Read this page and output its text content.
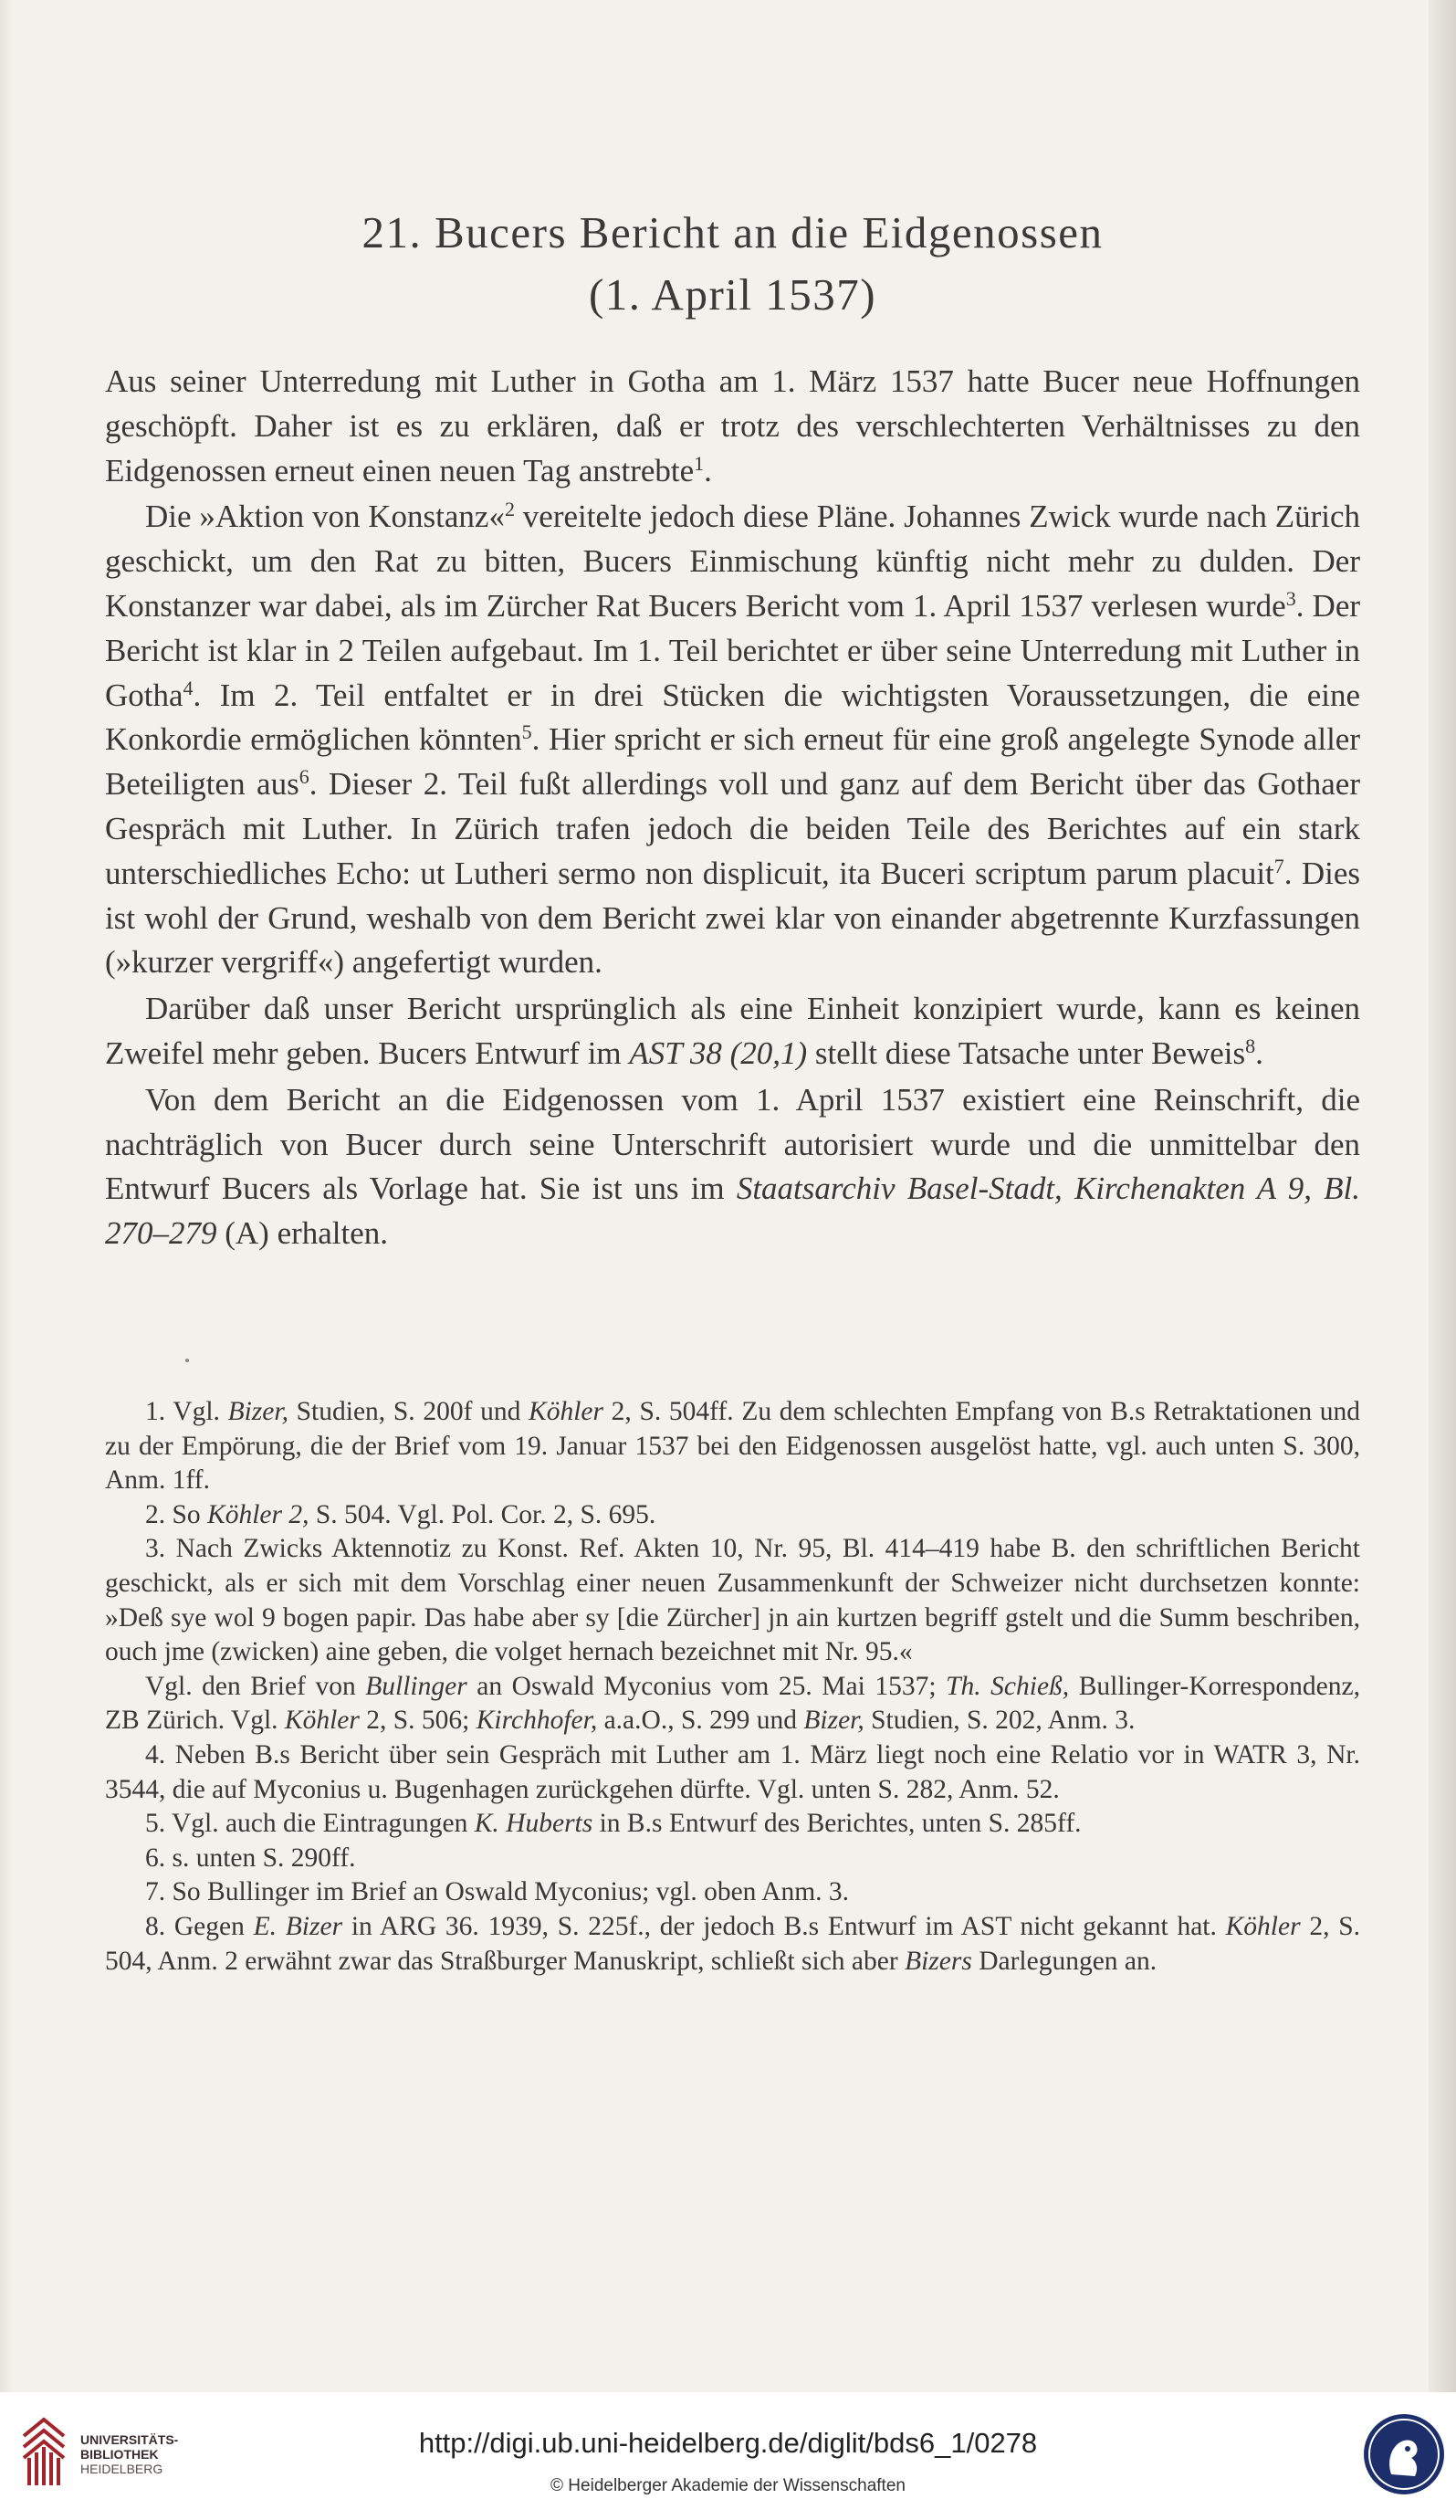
21. Bucers Bericht an die Eidgenossen
(1. April 1537)

Aus seiner Unterredung mit Luther in Gotha am 1. März 1537 hatte Bucer neue Hoffnungen geschöpft. Daher ist es zu erklären, daß er trotz des verschlechterten Verhältnisses zu den Eidgenossen erneut einen neuen Tag anstrebte$^1$.

Die »Aktion von Konstanz«$^2$ vereitelte jedoch diese Pläne. Johannes Zwick wurde nach Zürich geschickt, um den Rat zu bitten, Bucers Einmischung künftig nicht mehr zu dulden. Der Konstanzer war dabei, als im Zürcher Rat Bucers Bericht vom 1. April 1537 verlesen wurde$^3$. Der Bericht ist klar in 2 Teilen aufgebaut. Im 1. Teil berichtet er über seine Unterredung mit Luther in Gotha$^4$. Im 2. Teil entfaltet er in drei Stücken die wichtigsten Voraussetzungen, die eine Konkordie ermöglichen könnten$^5$. Hier spricht er sich erneut für eine groß angelegte Synode aller Beteiligten aus$^6$. Dieser 2. Teil fußt allerdings voll und ganz auf dem Bericht über das Gothaer Gespräch mit Luther. In Zürich trafen jedoch die beiden Teile des Berichtes auf ein stark unterschiedliches Echo: ut Lutheri sermo non displicuit, ita Buceri scriptum parum placuit$^7$. Dies ist wohl der Grund, weshalb von dem Bericht zwei klar von einander abgetrennte Kurzfassungen (»kurzer vergriff«) angefertigt wurden.

Darüber daß unser Bericht ursprünglich als eine Einheit konzipiert wurde, kann es keinen Zweifel mehr geben. Bucers Entwurf im AST 38 (20,1) stellt diese Tatsache unter Beweis$^8$.

Von dem Bericht an die Eidgenossen vom 1. April 1537 existiert eine Reinschrift, die nachträglich von Bucer durch seine Unterschrift autorisiert wurde und die unmittelbar den Entwurf Bucers als Vorlage hat. Sie ist uns im Staatsarchiv Basel-Stadt, Kirchenakten A 9, Bl. 270–279 (A) erhalten.

1. Vgl. Bizer, Studien, S. 200f und Köhler 2, S. 504ff. Zu dem schlechten Empfang von B.s Retraktationen und zu der Empörung, die der Brief vom 19. Januar 1537 bei den Eidgenossen ausgelöst hatte, vgl. auch unten S. 300, Anm. 1ff.

2. So Köhler 2, S. 504. Vgl. Pol. Cor. 2, S. 695.

3. Nach Zwicks Aktennotiz zu Konst. Ref. Akten 10, Nr. 95, Bl. 414–419 habe B. den schriftlichen Bericht geschickt, als er sich mit dem Vorschlag einer neuen Zusammenkunft der Schweizer nicht durchsetzen konnte: »Deß sye wol 9 bogen papir. Das habe aber sy [die Zürcher] jn ain kurtzen begriff gstelt und die Summ beschriben, ouch jme (zwicken) aine geben, die volget hernach bezeichnet mit Nr. 95.«

Vgl. den Brief von Bullinger an Oswald Myconius vom 25. Mai 1537; Th. Schieß, Bullinger-Korrespondenz, ZB Zürich. Vgl. Köhler 2, S. 506; Kirchhofer, a.a.O., S. 299 und Bizer, Studien, S. 202, Anm. 3.

4. Neben B.s Bericht über sein Gespräch mit Luther am 1. März liegt noch eine Relatio vor in WATR 3, Nr. 3544, die auf Myconius u. Bugenhagen zurückgehen dürfte. Vgl. unten S. 282, Anm. 52.

5. Vgl. auch die Eintragungen K. Huberts in B.s Entwurf des Berichtes, unten S. 285ff.

6. s. unten S. 290ff.

7. So Bullinger im Brief an Oswald Myconius; vgl. oben Anm. 3.

8. Gegen E. Bizer in ARG 36. 1939, S. 225f., der jedoch B.s Entwurf im AST nicht gekannt hat. Köhler 2, S. 504, Anm. 2 erwähnt zwar das Straßburger Manuskript, schließt sich aber Bizers Darlegungen an.

UNIVERSITÄTS-
BIBLIOTHEK
HEIDELBERG
http://digi.ub.uni-heidelberg.de/diglit/bds6_1/0278
© Heidelberger Akademie der Wissenschaften
